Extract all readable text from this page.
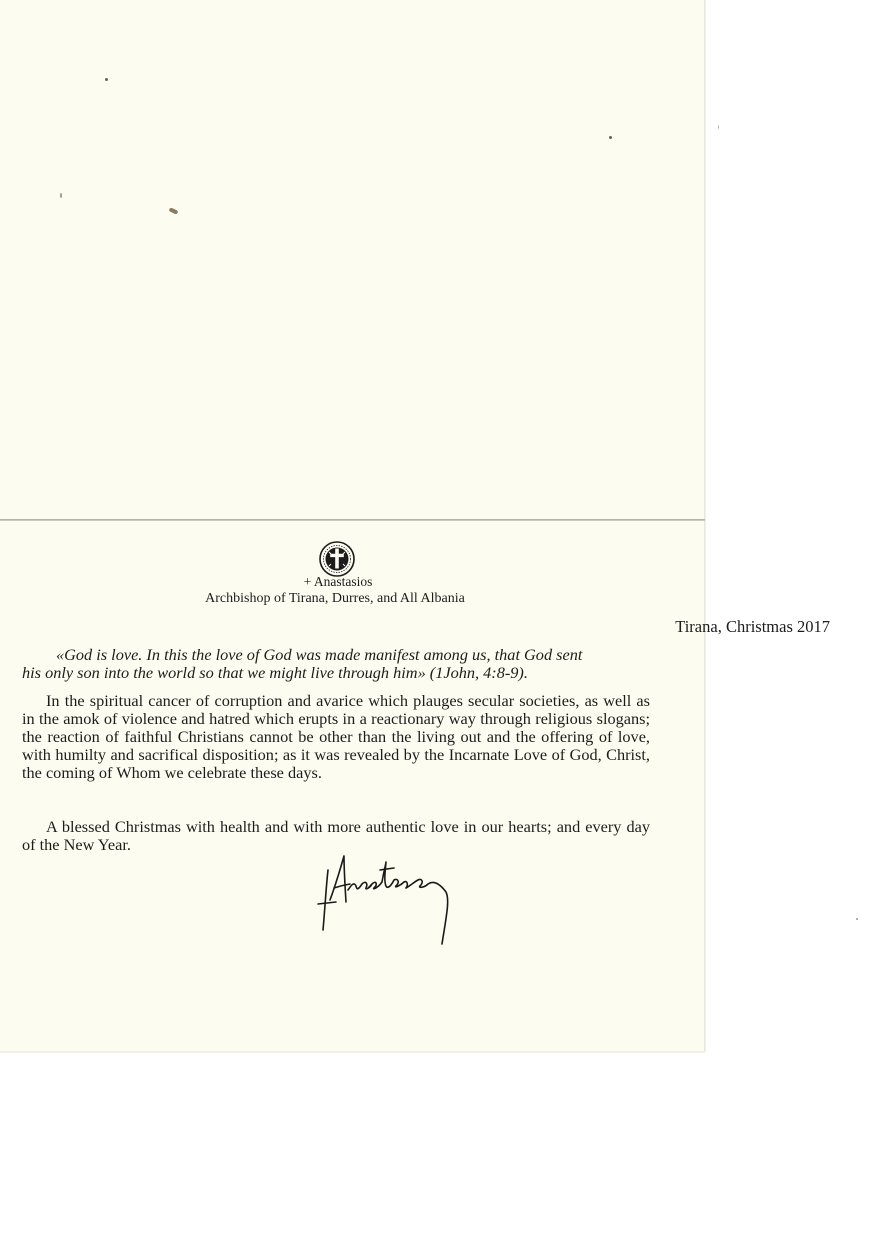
+ Anastasios
Archbishop of Tirana, Durres, and All Albania
Tirana, Christmas 2017
«God is love. In this the love of God was made manifest among us, that God sent
his only son into the world so that we might live through him» (1John, 4:8-9).
In the spiritual cancer of corruption and avarice which plauges secular societies, as well as in the amok of violence and hatred which erupts in a reactionary way through religious slogans; the reaction of faithful Christians cannot be other than the living out and the offering of love, with humilty and sacrifical disposition; as it was revealed by the Incarnate Love of God, Christ, the coming of Whom we celebrate these days.
A blessed Christmas with health and with more authentic love in our hearts; and every day of the New Year.
